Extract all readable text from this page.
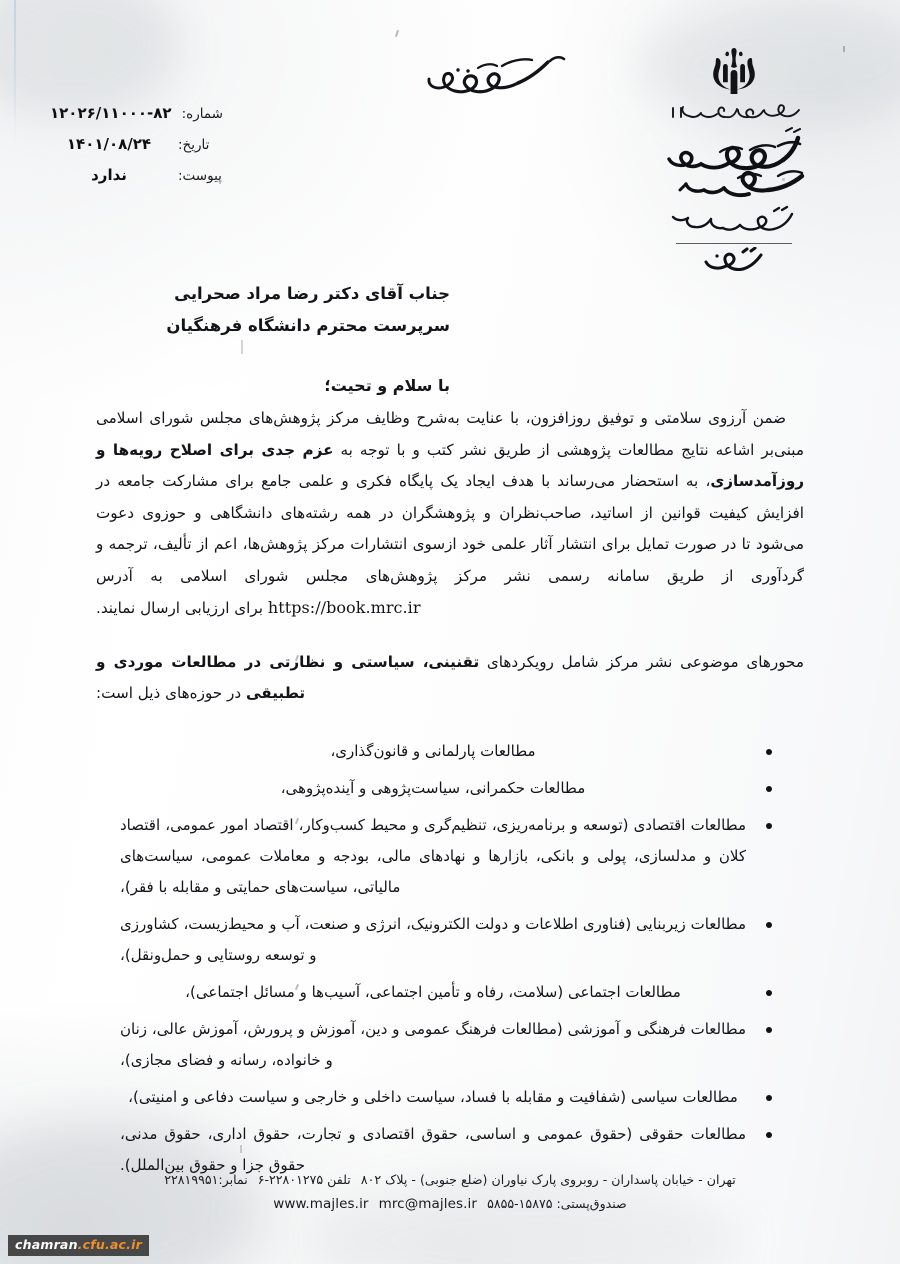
شماره:
۱۲۰۲۶/۱۱۰۰۰-۸۲
تاریخ:
۱۴۰۱/۰۸/۲۴
پیوست:
ندارد
جناب آقای دکتر رضا مراد صحرایی
سرپرست محترم دانشگاه فرهنگیان
با سلام و تحیت؛

ضمن آرزوی سلامتی و توفیق روزافزون، با عنایت به‌شرح وظایف مرکز پژوهش‌های مجلس شورای اسلامی مبنی‌بر اشاعه نتایج مطالعات پژوهشی از طریق نشر کتب و با توجه به عزم جدی برای اصلاح رویه‌ها و روزآمدسازی، به استحضار می‌رساند با هدف ایجاد یک پایگاه فکری و علمی جامع برای مشارکت جامعه در افزایش کیفیت قوانین از اساتید، صاحب‌نظران و پژوهشگران در همه رشته‌های دانشگاهی و حوزوی دعوت می‌شود تا در صورت تمایل برای انتشار آثار علمی خود ازسوی انتشارات مرکز پژوهش‌ها، اعم از تألیف، ترجمه و گردآوری از طریق سامانه رسمی نشر مرکز پژوهش‌های مجلس شورای اسلامی به آدرس https://book.mrc.ir برای ارزیابی ارسال نمایند.

محورهای موضوعی نشر مرکز شامل رویکردهای تقنینی، سیاستی و نظارتی در مطالعات موردی و تطبیقی در حوزه‌های ذیل است:

مطالعات پارلمانی و قانون‌گذاری،
مطالعات حکمرانی، سیاست‌پژوهی و آینده‌پژوهی،
مطالعات اقتصادی (توسعه و برنامه‌ریزی، تنظیم‌گری و محیط کسب‌وکار، اقتصاد امور عمومی، اقتصاد کلان و مدلسازی، پولی و بانکی، بازارها و نهادهای مالی، بودجه و معاملات عمومی، سیاست‌های مالیاتی، سیاست‌های حمایتی و مقابله با فقر)،
مطالعات زیربنایی (فناوری اطلاعات و دولت الکترونیک، انرژی و صنعت، آب و محیط‌زیست، کشاورزی و توسعه روستایی و حمل‌ونقل)،
مطالعات اجتماعی (سلامت، رفاه و تأمین اجتماعی، آسیب‌ها و مسائل اجتماعی)،
مطالعات فرهنگی و آموزشی (مطالعات فرهنگ عمومی و دین، آموزش و پرورش، آموزش عالی، زنان و خانواده، رسانه و فضای مجازی)،
مطالعات سیاسی (شفافیت و مقابله با فساد، سیاست داخلی و خارجی و سیاست دفاعی و امنیتی)،
مطالعات حقوقی (حقوق عمومی و اساسی، حقوق اقتصادی و تجارت، حقوق اداری، حقوق مدنی، حقوق جزا و حقوق بین‌الملل).
تهران - خیابان پاسداران - روبروی پارک نیاوران (ضلع جنوبی) - پلاک ۸۰۲تلفن ۲۲۸۰۱۲۷۵-۶نمابر:۲۲۸۱۹۹۵۱
صندوق‌پستی: ۱۵۸۷۵-۵۸۵۵www.majles.ir mrc@majles.ir
chamran.cfu.ac.ir
